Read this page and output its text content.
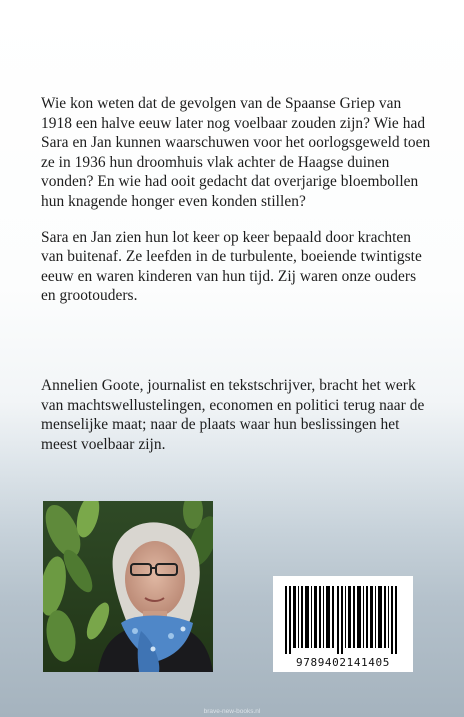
Wie kon weten dat de gevolgen van de Spaanse Griep van 1918 een halve eeuw later nog voelbaar zouden zijn? Wie had Sara en Jan kunnen waarschuwen voor het oorlogsgeweld toen ze in 1936 hun droomhuis vlak achter de Haagse duinen vonden? En wie had ooit gedacht dat overjarige bloembollen hun knagende honger even konden stillen?

Sara en Jan zien hun lot keer op keer bepaald door krachten van buitenaf. Ze leefden in de turbulente, boeiende twintigste eeuw en waren kinderen van hun tijd. Zij waren onze ouders en grootouders.

Annelien Goote, journalist en tekstschrijver, bracht het werk van machtswellustelingen, economen en politici terug naar de menselijke maat; naar de plaats waar hun beslissingen het meest voelbaar zijn.

9789402141405
brave-new-books.nl
